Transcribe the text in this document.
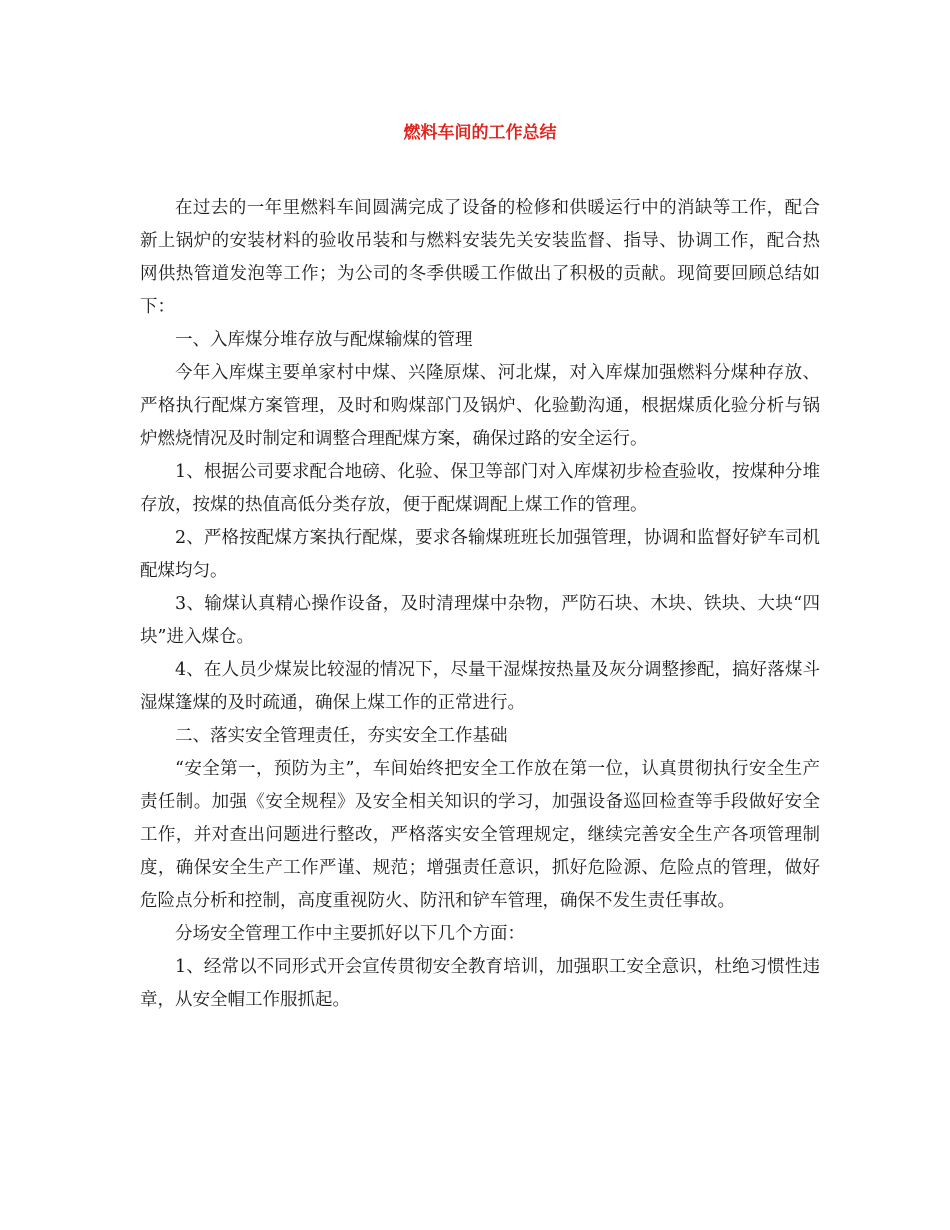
燃料车间的工作总结

在过去的一年里燃料车间圆满完成了设备的检修和供暖运行中的消缺等工作，配合新上锅炉的安装材料的验收吊装和与燃料安装先关安装监督、指导、协调工作，配合热网供热管道发泡等工作；为公司的冬季供暖工作做出了积极的贡献。现简要回顾总结如下：

一、入库煤分堆存放与配煤输煤的管理

今年入库煤主要单家村中煤、兴隆原煤、河北煤，对入库煤加强燃料分煤种存放、严格执行配煤方案管理，及时和购煤部门及锅炉、化验勤沟通，根据煤质化验分析与锅炉燃烧情况及时制定和调整合理配煤方案，确保过路的安全运行。

1、根据公司要求配合地磅、化验、保卫等部门对入库煤初步检查验收，按煤种分堆存放，按煤的热值高低分类存放，便于配煤调配上煤工作的管理。

2、严格按配煤方案执行配煤，要求各输煤班班长加强管理，协调和监督好铲车司机配煤均匀。

3、输煤认真精心操作设备，及时清理煤中杂物，严防石块、木块、铁块、大块“四块”进入煤仓。

4、在人员少煤炭比较湿的情况下，尽量干湿煤按热量及灰分调整掺配，搞好落煤斗湿煤篷煤的及时疏通，确保上煤工作的正常进行。

二、落实安全管理责任，夯实安全工作基础

“安全第一，预防为主”，车间始终把安全工作放在第一位，认真贯彻执行安全生产责任制。加强《安全规程》及安全相关知识的学习，加强设备巡回检查等手段做好安全工作，并对查出问题进行整改，严格落实安全管理规定，继续完善安全生产各项管理制度，确保安全生产工作严谨、规范；增强责任意识，抓好危险源、危险点的管理，做好危险点分析和控制，高度重视防火、防汛和铲车管理，确保不发生责任事故。

分场安全管理工作中主要抓好以下几个方面：

1、经常以不同形式开会宣传贯彻安全教育培训，加强职工安全意识，杜绝习惯性违章，从安全帽工作服抓起。
